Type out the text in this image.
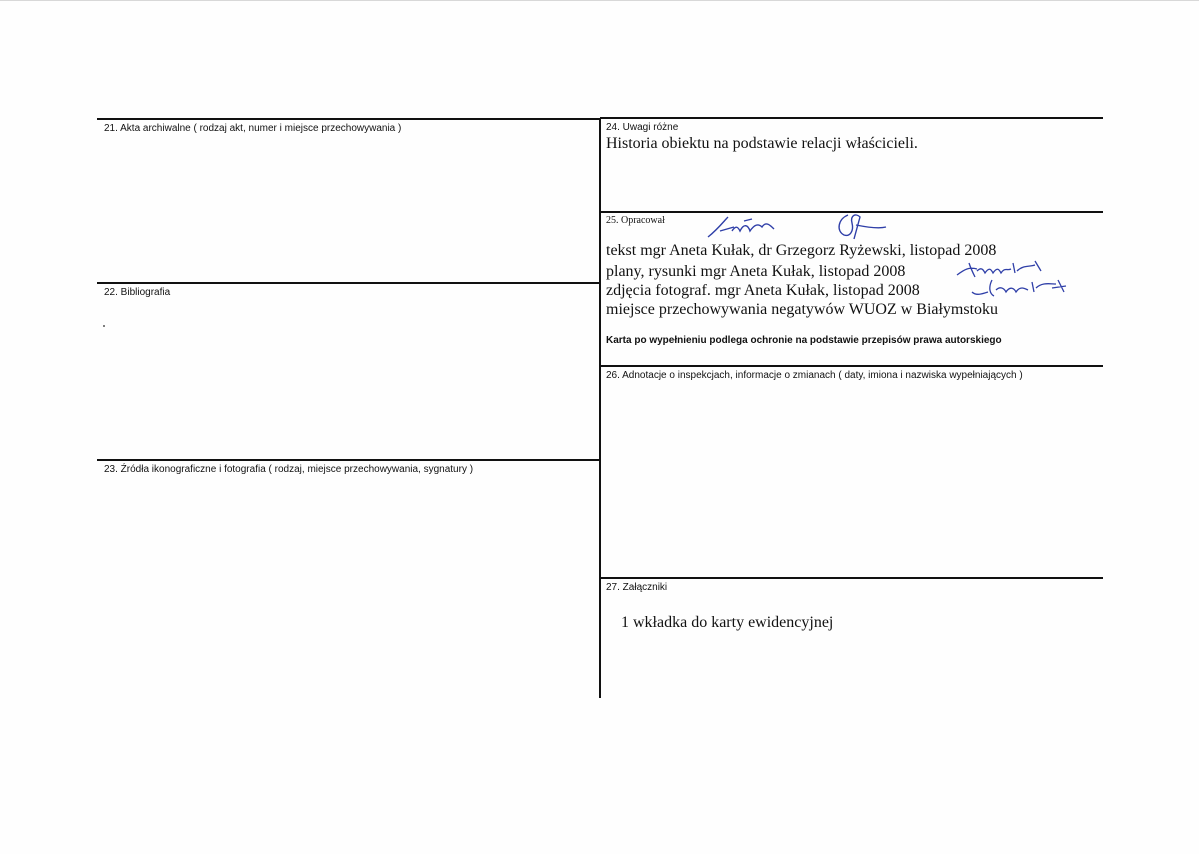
21. Akta archiwalne ( rodzaj akt, numer i miejsce przechowywania )
22. Bibliografia
23. Źródła ikonograficzne i fotografia ( rodzaj, miejsce przechowywania, sygnatury )
24. Uwagi różne
Historia obiektu na podstawie relacji właścicieli.
25. Opracował
tekst mgr Aneta Kułak, dr Grzegorz Ryżewski, listopad 2008
plany, rysunki mgr Aneta Kułak, listopad 2008
zdjęcia fotograf. mgr Aneta Kułak, listopad 2008
miejsce przechowywania negatywów WUOZ w Białymstoku
Karta po wypełnieniu podlega ochronie na podstawie przepisów prawa autorskiego
26. Adnotacje o inspekcjach, informacje o zmianach ( daty, imiona i nazwiska wypełniających )
27. Załączniki
1 wkładka do karty ewidencyjnej
